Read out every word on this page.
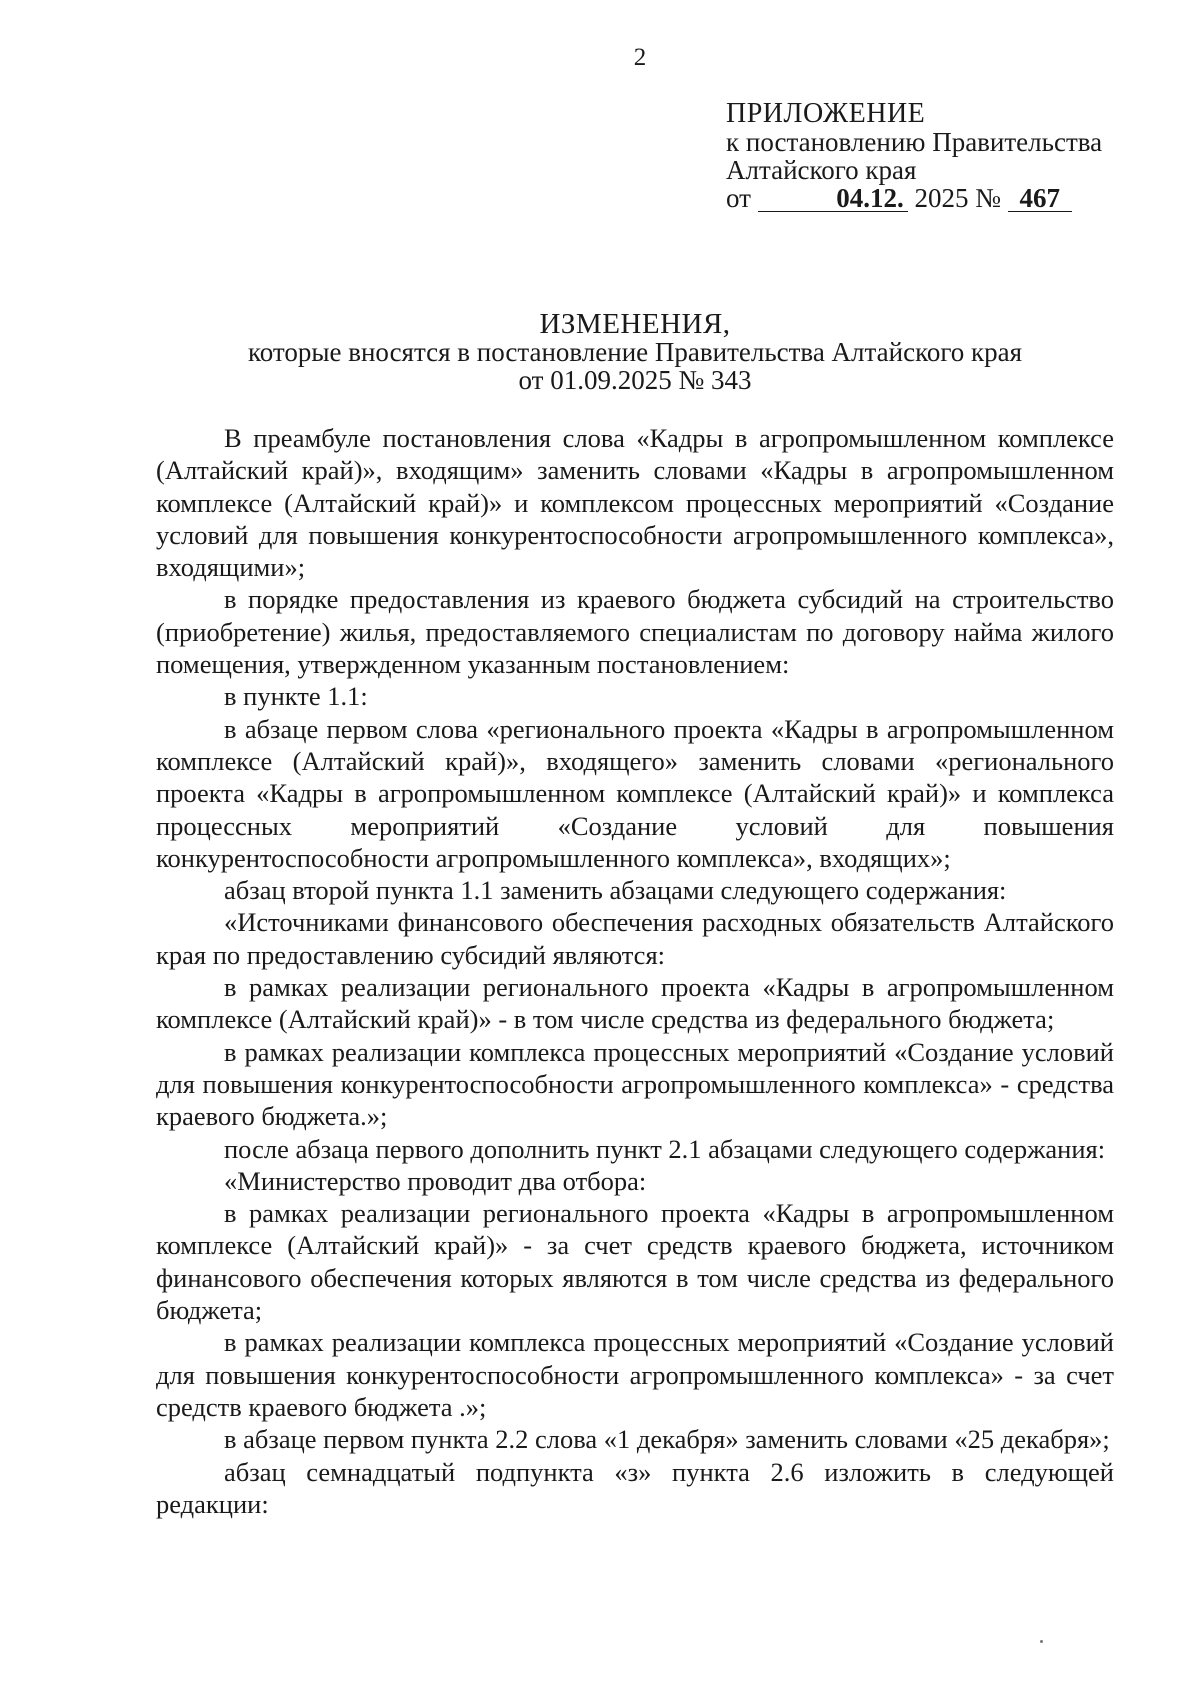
2
ПРИЛОЖЕНИЕ
к постановлению Правительства
Алтайского края
от	04.12. 2025 № 467
ИЗМЕНЕНИЯ,
которые вносятся в постановление Правительства Алтайского края
от 01.09.2025 № 343

В преамбуле постановления слова «Кадры в агропромышленном комплексе (Алтайский край)», входящим» заменить словами «Кадры в агропромышленном комплексе (Алтайский край)» и комплексом процессных мероприятий «Создание условий для повышения конкурентоспособности агропромышленного комплекса», входящими»;

в порядке предоставления из краевого бюджета субсидий на строительство (приобретение) жилья, предоставляемого специалистам по договору найма жилого помещения, утвержденном указанным постановлением:

в пункте 1.1:

в абзаце первом слова «регионального проекта «Кадры в агропромышленном комплексе (Алтайский край)», входящего» заменить словами «регионального проекта «Кадры в агропромышленном комплексе (Алтайский край)» и комплекса процессных мероприятий «Создание условий для повышения конкурентоспособности агропромышленного комплекса», входящих»;

абзац второй пункта 1.1 заменить абзацами следующего содержания:

«Источниками финансового обеспечения расходных обязательств Алтайского края по предоставлению субсидий являются:

в рамках реализации регионального проекта «Кадры в агропромышленном комплексе (Алтайский край)» - в том числе средства из федерального бюджета;

в рамках реализации комплекса процессных мероприятий «Создание условий для повышения конкурентоспособности агропромышленного комплекса» - средства краевого бюджета.»;

после абзаца первого дополнить пункт 2.1 абзацами следующего содержания:

«Министерство проводит два отбора:

в рамках реализации регионального проекта «Кадры в агропромышленном комплексе (Алтайский край)» - за счет средств краевого бюджета, источником финансового обеспечения которых являются в том числе средства из федерального бюджета;

в рамках реализации комплекса процессных мероприятий «Создание условий для повышения конкурентоспособности агропромышленного комплекса» - за счет средств краевого бюджета .»;

в абзаце первом пункта 2.2 слова «1 декабря» заменить словами «25 декабря»;

абзац семнадцатый подпункта «з» пункта 2.6 изложить в следующей редакции:
